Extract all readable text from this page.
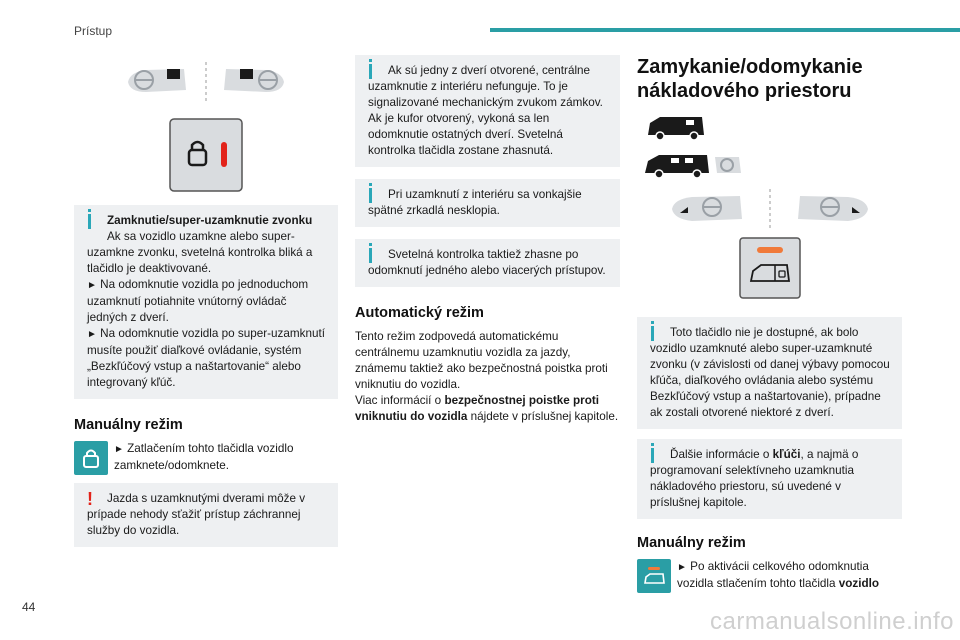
Prístup

Zamknutie/super-uzamknutie zvonku

Ak sa vozidlo uzamkne alebo super-uzamkne zvonku, svetelná kontrolka bliká a tlačidlo je deaktivované.

► Na odomknutie vozidla po jednoduchom uzamknutí potiahnite vnútorný ovládač jedných z dverí.

► Na odomknutie vozidla po super-uzamknutí musíte použiť diaľkové ovládanie, systém „Bezkľúčový vstup a naštartovanie“ alebo integrovaný kľúč.

Manuálny režim
► Zatlačením tohto tlačidla vozidlo zamknete/odomknete.
!	Jazda s uzamknutými dverami môže v prípade nehody sťažiť prístup záchrannej služby do vozidla.

Ak sú jedny z dverí otvorené, centrálne uzamknutie z interiéru nefunguje. To je signalizované mechanickým zvukom zámkov. Ak je kufor otvorený, vykoná sa len odomknutie ostatných dverí. Svetelná kontrolka tlačidla zostane zhasnutá.

Pri uzamknutí z interiéru sa vonkajšie spätné zrkadlá nesklopia.

Svetelná kontrolka taktiež zhasne po odomknutí jedného alebo viacerých prístupov.

Automatický režim

Tento režim zodpovedá automatickému centrálnemu uzamknutiu vozidla za jazdy, známemu taktiež ako bezpečnostná poistka proti vniknutiu do vozidla.

Viac informácií o bezpečnostnej poistke proti vniknutiu do vozidla nájdete v príslušnej kapitole.

Zamykanie/odomykanie nákladového priestoru

Toto tlačidlo nie je dostupné, ak bolo vozidlo uzamknuté alebo super-uzamknuté zvonku (v závislosti od danej výbavy pomocou kľúča, diaľkového ovládania alebo systému Bezkľúčový vstup a naštartovanie), prípadne ak zostali otvorené niektoré z dverí.

Ďalšie informácie o kľúči, a najmä o programovaní selektívneho uzamknutia nákladového priestoru, sú uvedené v príslušnej kapitole.

Manuálny režim
► Po aktivácii celkového odomknutia vozidla stlačením tohto tlačidla vozidlo
44
carmanualsonline.info
